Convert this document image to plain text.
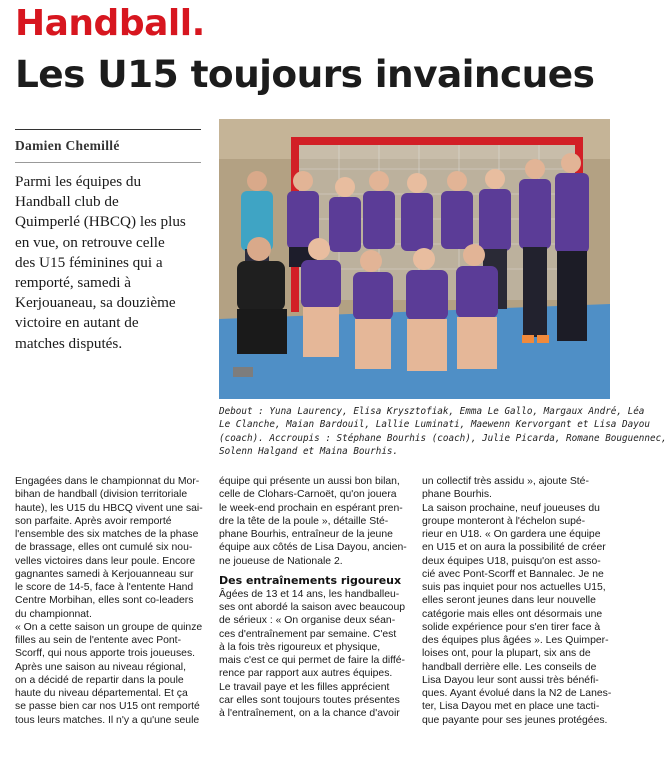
Handball.
Les U15 toujours invaincues
Damien Chemillé

Parmi les équipes du
Handball club de
Quimperlé (HBCQ) les plus
en vue, on retrouve celle
des U15 féminines qui a
remporté, samedi à
Kerjouaneau, sa douzième
victoire en autant de
matches disputés.

Debout : Yuna Laurency, Elisa Krysztofiak, Emma Le Gallo, Margaux André, Léa
Le Clanche, Maian Bardouil, Lallie Luminati, Maewenn Kervorgant et Lisa Dayou
(coach). Accroupis : Stéphane Bourhis (coach), Julie Picarda, Romane Bouguennec,
Solenn Halgand et Maina Bourhis.

Engagées dans le championnat du Mor-
bihan de handball (division territoriale
haute), les U15 du HBCQ vivent une sai-
son parfaite. Après avoir remporté
l'ensemble des six matches de la phase
de brassage, elles ont cumulé six nou-
velles victoires dans leur poule. Encore
gagnantes samedi à Kerjouanneau sur
le score de 14-5, face à l'entente Hand
Centre Morbihan, elles sont co-leaders
du championnat.
« On a cette saison un groupe de quinze
filles au sein de l'entente avec Pont-
Scorff, qui nous apporte trois joueuses.
Après une saison au niveau régional,
on a décidé de repartir dans la poule
haute du niveau départemental. Et ça
se passe bien car nos U15 ont remporté
tous leurs matches. Il n'y a qu'une seule
équipe qui présente un aussi bon bilan,
celle de Clohars-Carnoët, qu'on jouera
le week-end prochain en espérant pren-
dre la tête de la poule », détaille Sté-
phane Bourhis, entraîneur de la jeune
équipe aux côtés de Lisa Dayou, ancien-
ne joueuse de Nationale 2.
Des entraînements rigoureux
Âgées de 13 et 14 ans, les handballeu-
ses ont abordé la saison avec beaucoup
de sérieux : « On organise deux séan-
ces d'entraînement par semaine. C'est
à la fois très rigoureux et physique,
mais c'est ce qui permet de faire la diffé-
rence par rapport aux autres équipes.
Le travail paye et les filles apprécient
car elles sont toujours toutes présentes
à l'entraînement, on a la chance d'avoir
un collectif très assidu », ajoute Sté-
phane Bourhis.
La saison prochaine, neuf joueuses du
groupe monteront à l'échelon supé-
rieur en U18. « On gardera une équipe
en U15 et on aura la possibilité de créer
deux équipes U18, puisqu'on est asso-
cié avec Pont-Scorff et Bannalec. Je ne
suis pas inquiet pour nos actuelles U15,
elles seront jeunes dans leur nouvelle
catégorie mais elles ont désormais une
solide expérience pour s'en tirer face à
des équipes plus âgées ». Les Quimper-
loises ont, pour la plupart, six ans de
handball derrière elle. Les conseils de
Lisa Dayou leur sont aussi très bénéfi-
ques. Ayant évolué dans la N2 de Lanes-
ter, Lisa Dayou met en place une tacti-
que payante pour ses jeunes protégées.
